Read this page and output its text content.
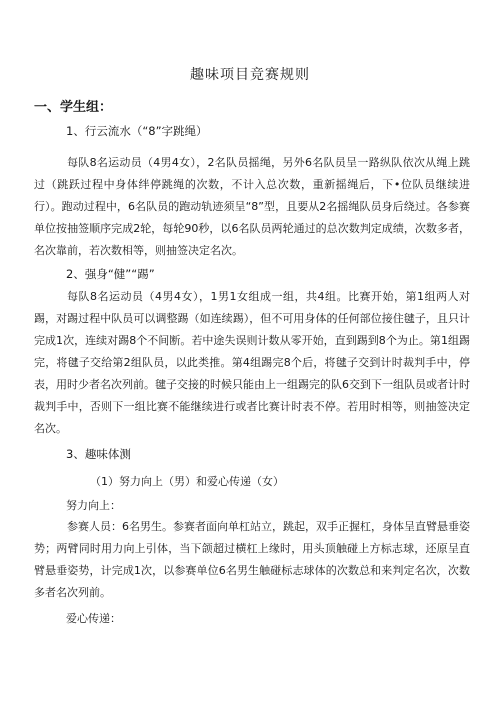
趣味项目竞赛规则
一、学生组：
1、行云流水（“8”字跳绳）

每队8名运动员（4男4女），2名队员摇绳，另外6名队员呈一路纵队依次从绳上跳过（跳跃过程中身体绊停跳绳的次数，不计入总次数，重新摇绳后，下•位队员继续进行）。跑动过程中，6名队员的跑动轨迹须呈“8”型，且要从2名摇绳队员身后绕过。各参赛单位按抽签顺序完成2轮，每轮90秒，以6名队员两轮通过的总次数判定成绩，次数多者，名次靠前，若次数相等，则抽签决定名次。

2、强身“健”“踢”

每队8名运动员（4男4女），1男1女组成一组，共4组。比赛开始，第1组两人对踢，对踢过程中队员可以调整踢（如连续踢），但不可用身体的任何部位接住毽子，且只计完成1次，连续对踢8个不间断。若中途失误则计数从零开始，直到踢到8个为止。第1组踢完，将毽子交给第2组队员，以此类推。第4组踢完8个后，将毽子交到计时裁判手中，停表，用时少者名次列前。毽子交接的时候只能由上一组踢完的队6交到下一组队员或者计时裁判手中，否则下一组比赛不能继续进行或者比赛计时表不停。若用时相等，则抽签决定名次。

3、趣味体测
（1）努力向上（男）和爱心传递（女）
努力向上：

参赛人员：6名男生。参赛者面向单杠站立，跳起，双手正握杠，身体呈直臂悬垂姿势；两臂同时用力向上引体，当下颌超过横杠上缘时，用头顶触碰上方标志球，还原呈直臂悬垂姿势，计完成1次，以参赛单位6名男生触碰标志球体的次数总和来判定名次，次数多者名次列前。

爱心传递：
